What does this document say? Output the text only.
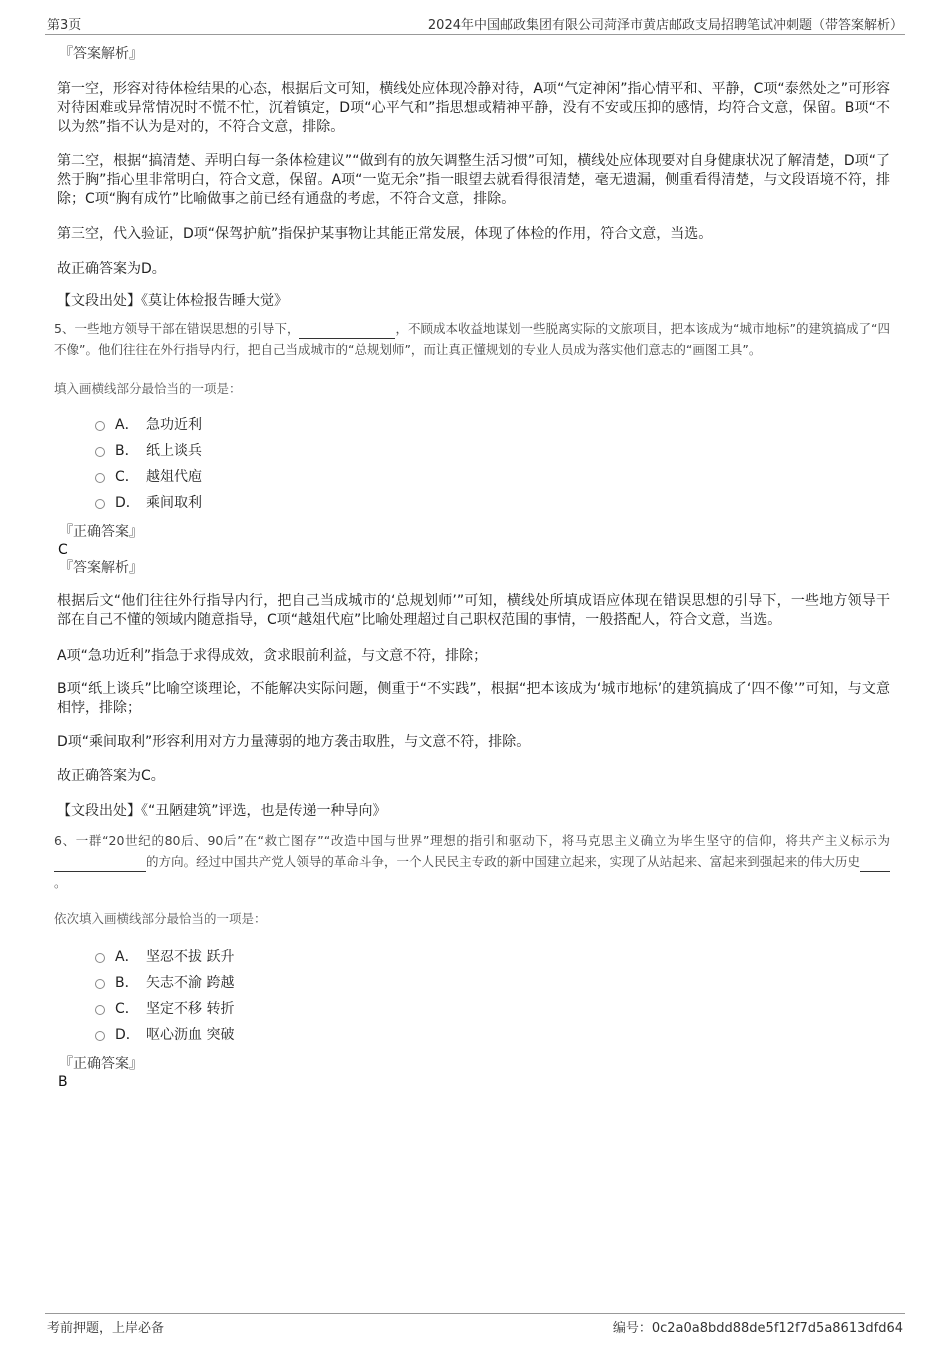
第3页	2024年中国邮政集团有限公司菏泽市黄店邮政支局招聘笔试冲刺题（带答案解析）
『答案解析』

第一空，形容对待体检结果的心态，根据后文可知，横线处应体现冷静对待，A项“气定神闲”指心情平和、平静，C项“泰然处之”可形容对待困难或异常情况时不慌不忙，沉着镇定，D项“心平气和”指思想或精神平静，没有不安或压抑的感情，均符合文意，保留。B项“不以为然”指不认为是对的，不符合文意，排除。

第二空，根据“搞清楚、弄明白每一条体检建议”“做到有的放矢调整生活习惯”可知，横线处应体现要对自身健康状况了解清楚，D项“了然于胸”指心里非常明白，符合文意，保留。A项“一览无余”指一眼望去就看得很清楚，毫无遗漏，侧重看得清楚，与文段语境不符，排除；C项“胸有成竹”比喻做事之前已经有通盘的考虑，不符合文意，排除。

第三空，代入验证，D项“保驾护航”指保护某事物让其能正常发展，体现了体检的作用，符合文意，当选。

故正确答案为D。

【文段出处】《莫让体检报告睡大觉》

5、一些地方领导干部在错误思想的引导下，	，不顾成本收益地谋划一些脱离实际的文旅项目，把本该成为“城市地标”的建筑搞成了“四不像”。他们往往在外行指导内行，把自己当成城市的“总规划师”，而让真正懂规划的专业人员成为落实他们意志的“画图工具”。

填入画横线部分最恰当的一项是：
A． 急功近利
B． 纸上谈兵
C． 越俎代庖
D． 乘间取利
『正确答案』
C
『答案解析』

根据后文“他们往往外行指导内行，把自己当成城市的‘总规划师’”可知，横线处所填成语应体现在错误思想的引导下，一些地方领导干部在自己不懂的领域内随意指导，C项“越俎代庖”比喻处理超过自己职权范围的事情，一般搭配人，符合文意，当选。

A项“急功近利”指急于求得成效，贪求眼前利益，与文意不符，排除；

B项“纸上谈兵”比喻空谈理论，不能解决实际问题，侧重于“不实践”，根据“把本该成为‘城市地标’的建筑搞成了‘四不像’”可知，与文意相悖，排除；

D项“乘间取利”形容利用对方力量薄弱的地方袭击取胜，与文意不符，排除。

故正确答案为C。

【文段出处】《“丑陋建筑”评选，也是传递一种导向》

6、一群“20世纪的80后、90后”在“救亡图存”“改造中国与世界”理想的指引和驱动下，将马克思主义确立为毕生坚守的信仰，将共产主义标示为的方向。经过中国共产党人领导的革命斗争，一个人民民主专政的新中国建立起来，实现了从站起来、富起来到强起来的伟大历史。

依次填入画横线部分最恰当的一项是：
A． 坚忍不拔 跃升
B． 矢志不渝 跨越
C． 坚定不移 转折
D． 呕心沥血 突破
『正确答案』
B
考前押题，上岸必备	编号：0c2a0a8bdd88de5f12f7d5a8613dfd64
